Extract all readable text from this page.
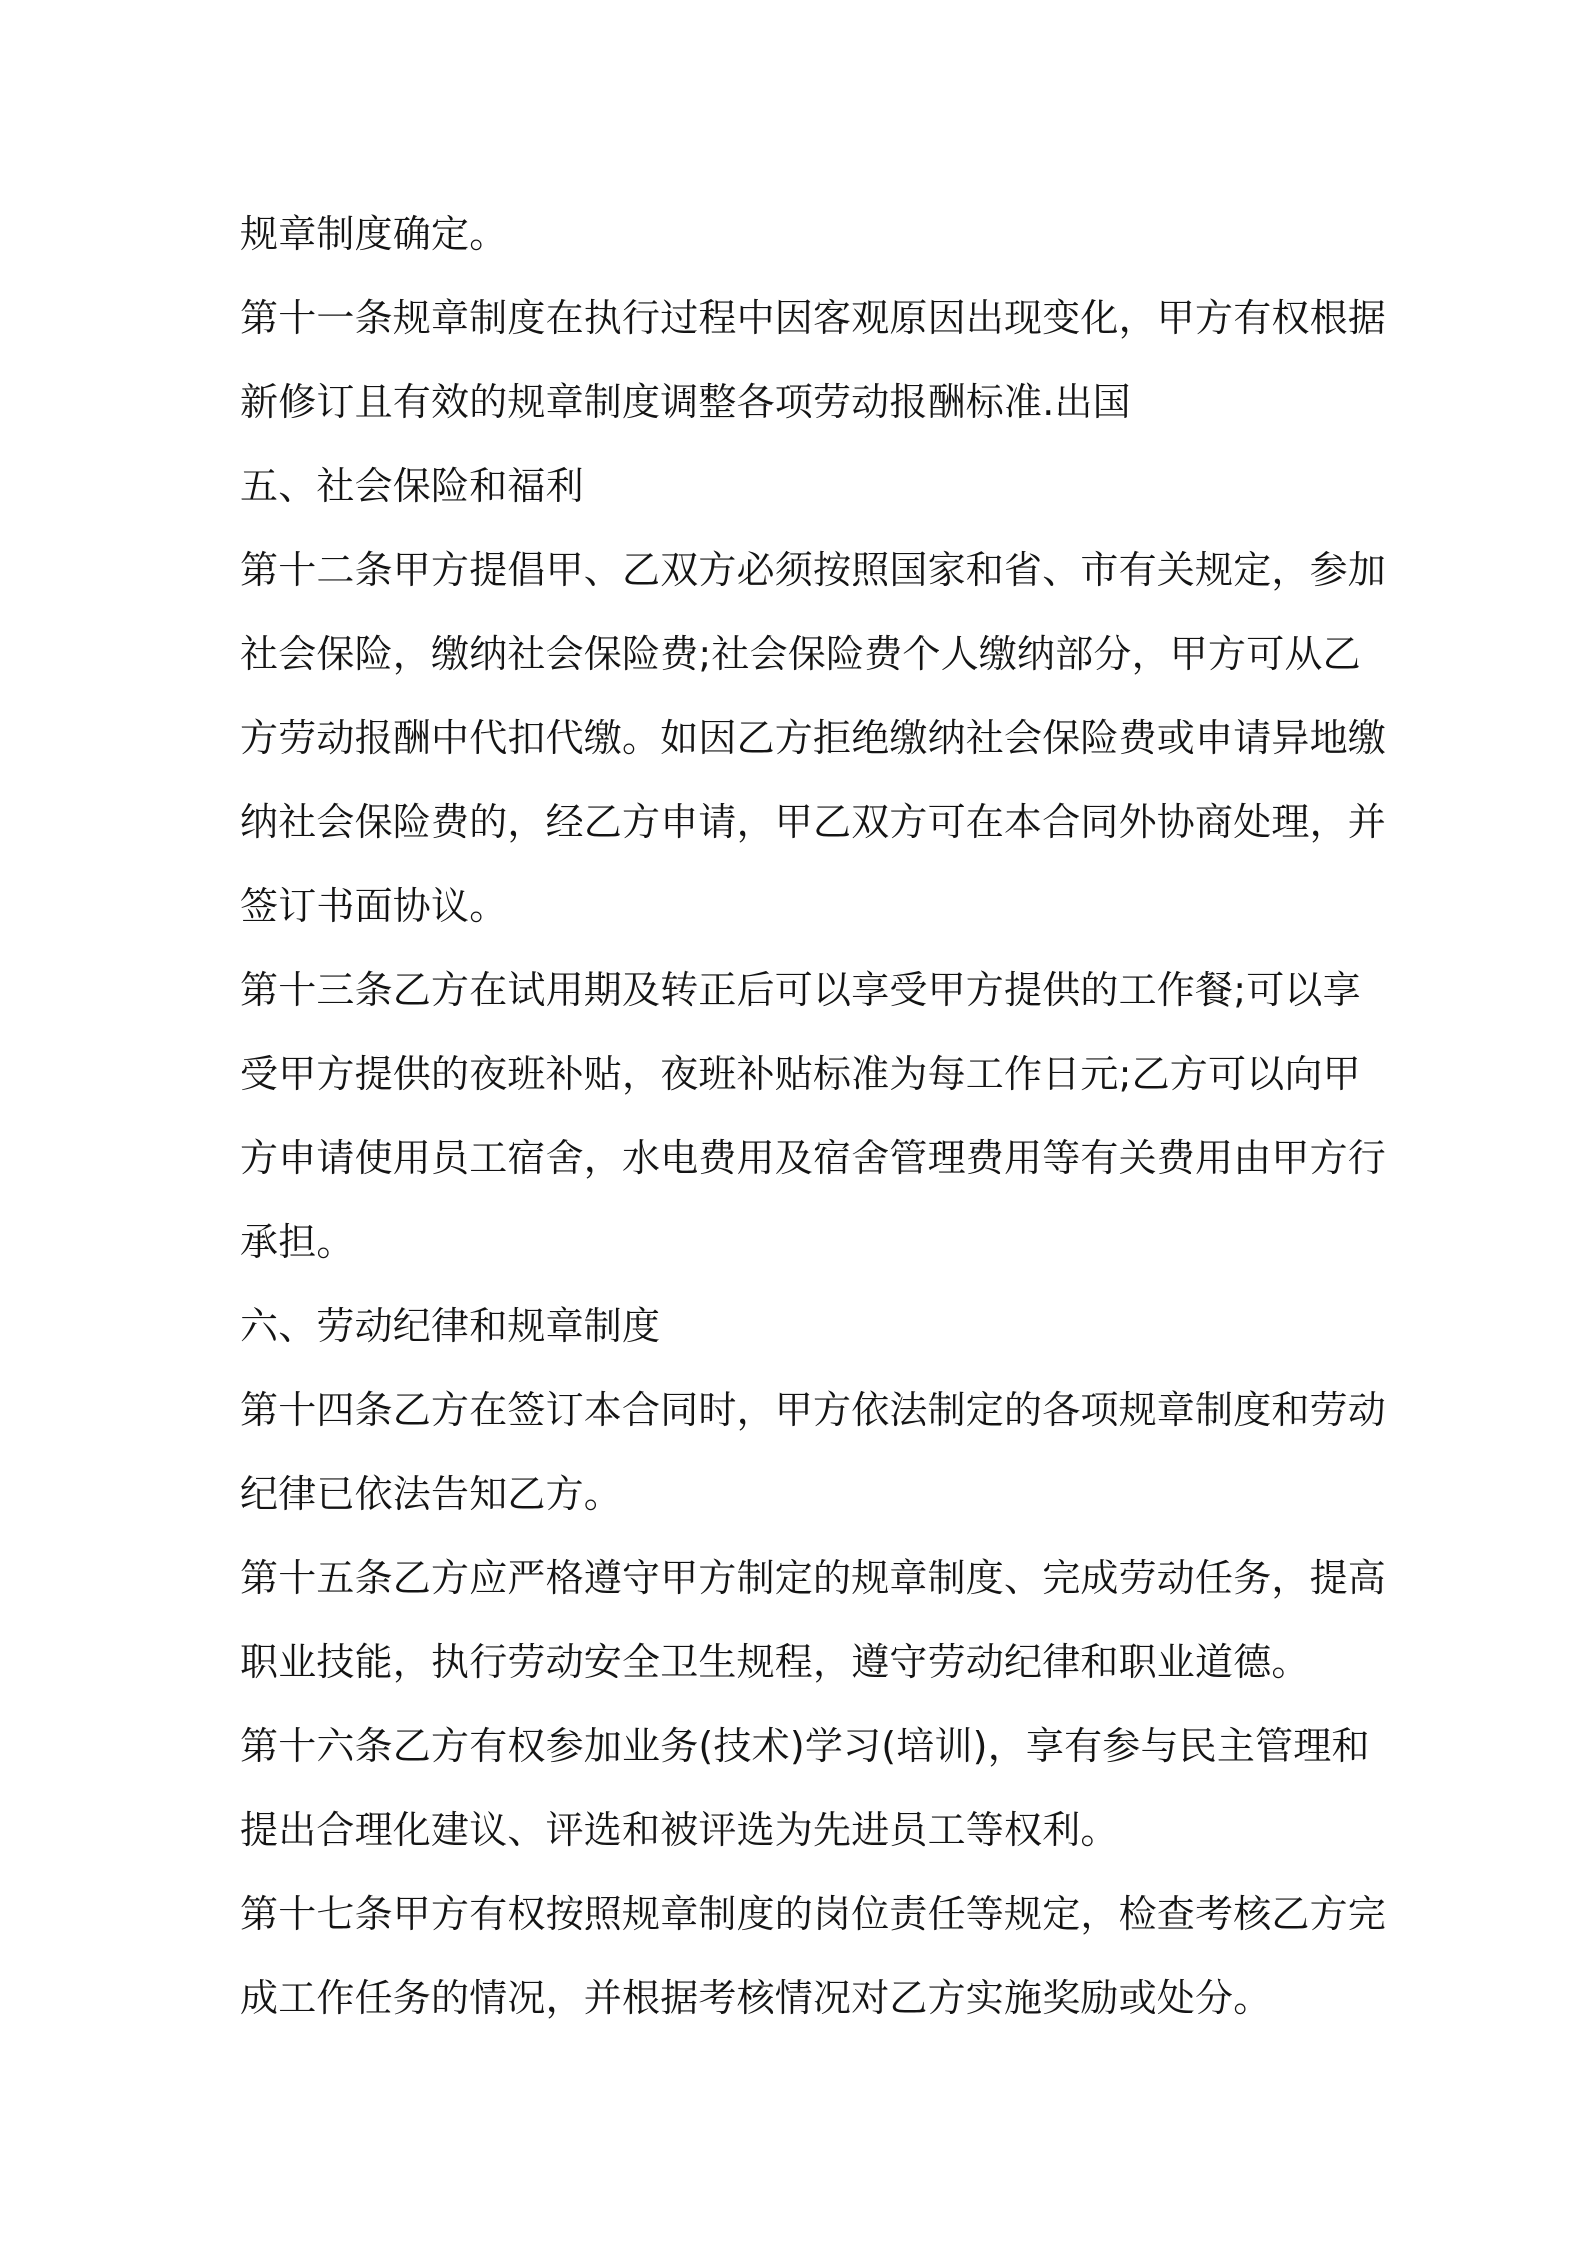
规章制度确定。
第十一条规章制度在执行过程中因客观原因出现变化，甲方有权根据
新修订且有效的规章制度调整各项劳动报酬标准.出国
五、社会保险和福利
第十二条甲方提倡甲、乙双方必须按照国家和省、市有关规定，参加
社会保险，缴纳社会保险费;社会保险费个人缴纳部分，甲方可从乙
方劳动报酬中代扣代缴。如因乙方拒绝缴纳社会保险费或申请异地缴
纳社会保险费的，经乙方申请，甲乙双方可在本合同外协商处理，并
签订书面协议。
第十三条乙方在试用期及转正后可以享受甲方提供的工作餐;可以享
受甲方提供的夜班补贴，夜班补贴标准为每工作日元;乙方可以向甲
方申请使用员工宿舍，水电费用及宿舍管理费用等有关费用由甲方行
承担。
六、劳动纪律和规章制度
第十四条乙方在签订本合同时，甲方依法制定的各项规章制度和劳动
纪律已依法告知乙方。
第十五条乙方应严格遵守甲方制定的规章制度、完成劳动任务，提高
职业技能，执行劳动安全卫生规程，遵守劳动纪律和职业道德。
第十六条乙方有权参加业务(技术)学习(培训)，享有参与民主管理和
提出合理化建议、评选和被评选为先进员工等权利。
第十七条甲方有权按照规章制度的岗位责任等规定，检查考核乙方完
成工作任务的情况，并根据考核情况对乙方实施奖励或处分。
